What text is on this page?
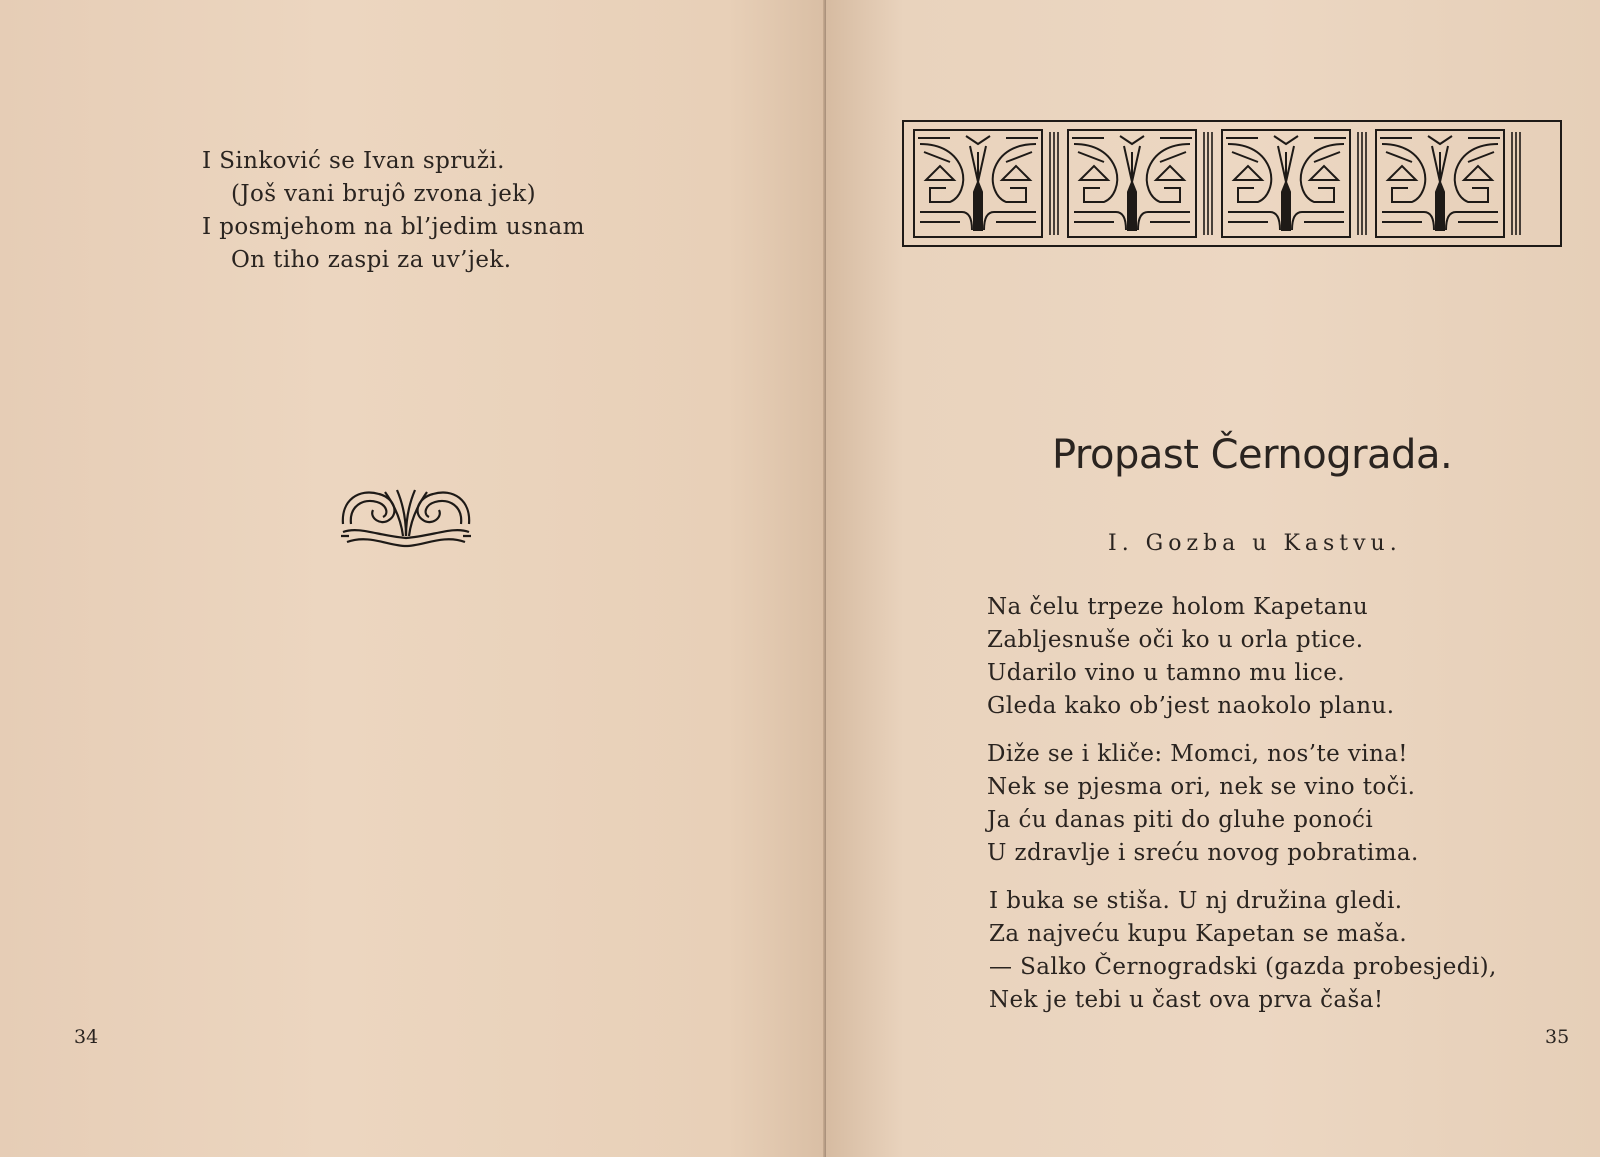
I Sinković se Ivan spruži.
(Još vani brujô zvona jek)
I posmjehom na bl’jedim usnam
On tiho zaspi za uv’jek.
34
Propast Černograda.
I. Gozba u Kastvu.
Na čelu trpeze holom Kapetanu
Zabljesnuše oči ko u orla ptice.
Udarilo vino u tamno mu lice.
Gleda kako ob’jest naokolo planu.
Diže se i kliče: Momci, nos’te vina!
Nek se pjesma ori, nek se vino toči.
Ja ću danas piti do gluhe ponoći
U zdravlje i sreću novog pobratima.
I buka se stiša. U nj družina gledi.
Za najveću kupu Kapetan se maša.
— Salko Černogradski (gazda probesjedi),
Nek je tebi u čast ova prva čaša!
35
